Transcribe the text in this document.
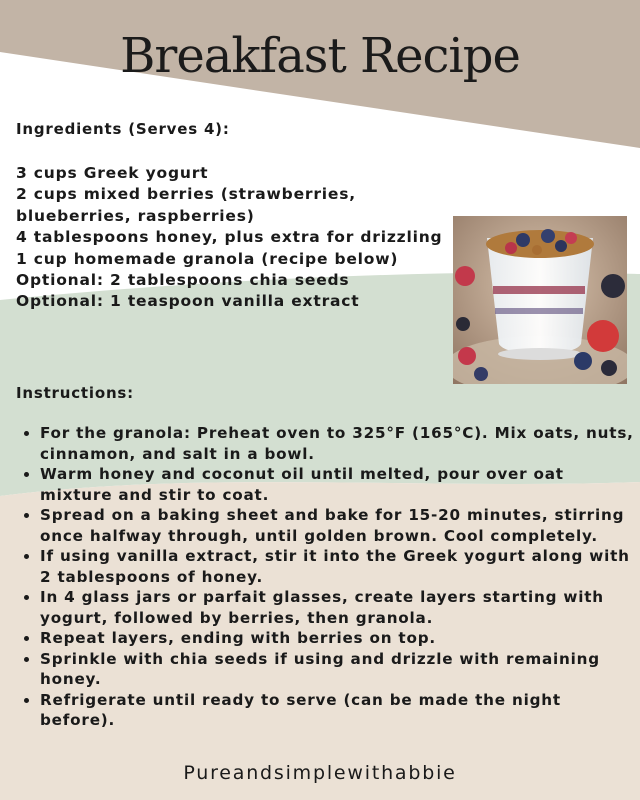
Breakfast Recipe
Ingredients (Serves 4):
3 cups Greek yogurt
2 cups mixed berries (strawberries, blueberries, raspberries)
4 tablespoons honey, plus extra for drizzling
1 cup homemade granola (recipe below)
Optional: 2 tablespoons chia seeds
Optional: 1 teaspoon vanilla extract
Instructions:
• For the granola: Preheat oven to 325°F (165°C). Mix oats, nuts, cinnamon, and salt in a bowl.
• Warm honey and coconut oil until melted, pour over oat mixture and stir to coat.
• Spread on a baking sheet and bake for 15-20 minutes, stirring once halfway through, until golden brown. Cool completely.
• If using vanilla extract, stir it into the Greek yogurt along with 2 tablespoons of honey.
• In 4 glass jars or parfait glasses, create layers starting with yogurt, followed by berries, then granola.
• Repeat layers, ending with berries on top.
• Sprinkle with chia seeds if using and drizzle with remaining honey.
• Refrigerate until ready to serve (can be made the night before).
Pureandsimplewithabbie
